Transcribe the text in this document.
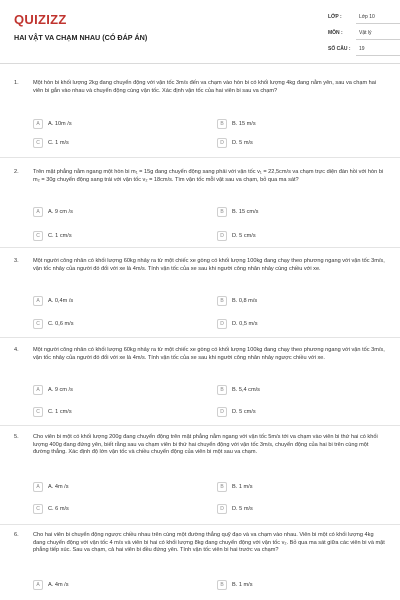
QUIZIZZ
HAI VẬT VA CHẠM NHAU (CÓ ĐÁP ÁN)
LỚP :	Lớp 10
MÔN :	Vật lý
SỐ CÂU :	19
1.	Một hòn bi khối lượng 2kg đang chuyển động với vận tốc 3m/s đến va chạm vào hòn bi có khối lượng 4kg đang nằm yên, sau va chạm hai viên bi gắn vào nhau và chuyển động cùng vận tốc. Xác định vận tốc của hai viên bi sau va chạm?
A	A. 10m /s	B	B. 15 m/s
C	C. 1 m/s	D	D. 5 m/s
2.	Trên mặt phẳng nằm ngang một hòn bi m₁ = 15g đang chuyển động sang phải với vận tốc v₁ = 22,5cm/s va chạm trực diện đàn hồi với hòn bi m₂ = 30g chuyển động sang trái với vận tốc v₂ = 18cm/s. Tìm vận tốc mỗi vật sau va chạm, bỏ qua ma sát?
A	A. 9 cm /s	B	B. 15 cm/s
C	C. 1 cm/s	D	D. 5 cm/s
3.	Một người công nhân có khối lượng 60kg nhảy ra từ một chiếc xe gòng có khối lượng 100kg đang chạy theo phương ngang với vận tốc 3m/s, vận tốc nhảy của người đó đối với xe là 4m/s. Tính vận tốc của xe sau khi người công nhân nhảy cùng chiều với xe.
A	A. 0,4m /s	B	B. 0,8 m/s
C	C. 0,6 m/s	D	D. 0,5 m/s
4.	Một người công nhân có khối lượng 60kg nhảy ra từ một chiếc xe gòng có khối lượng 100kg đang chạy theo phương ngang với vận tốc 3m/s, vận tốc nhảy của người đó đối với xe là 4m/s. Tính vận tốc của xe sau khi người công nhân nhảy ngược chiều với xe.
A	A. 9 cm /s	B	B. 5,4 cm/s
C	C. 1 cm/s	D	D. 5 cm/s
5.	Cho viên bi một có khối lượng 200g đang chuyển động trên mặt phẳng nằm ngang với vận tốc 5m/s tới va chạm vào viên bi thứ hai có khối lượng 400g đang đứng yên, biết rằng sau va chạm viên bi thứ hai chuyển động với vận tốc 3m/s, chuyển động của hai bi trên cùng một đường thẳng. Xác định độ lớn vận tốc và chiều chuyển động của viên bi một sau va chạm.
A	A. 4m /s	B	B. 1 m/s
C	C. 6 m/s	D	D. 5 m/s
6.	Cho hai viên bi chuyển động ngược chiều nhau trên cùng một đường thẳng quỹ đạo và va chạm vào nhau. Viên bi một có khối lượng 4kg đang chuyển động với vận tốc 4 m/s và viên bi hai có khối lượng 8kg đang chuyển động với vận tốc v₂. Bỏ qua ma sát giữa các viên bi và mặt phẳng tiếp xúc. Sau va chạm, cả hai viên bi đều đứng yên. Tính vận tốc viên bi hai trước va chạm?
A	A. 4m /s	B	B. 1 m/s
